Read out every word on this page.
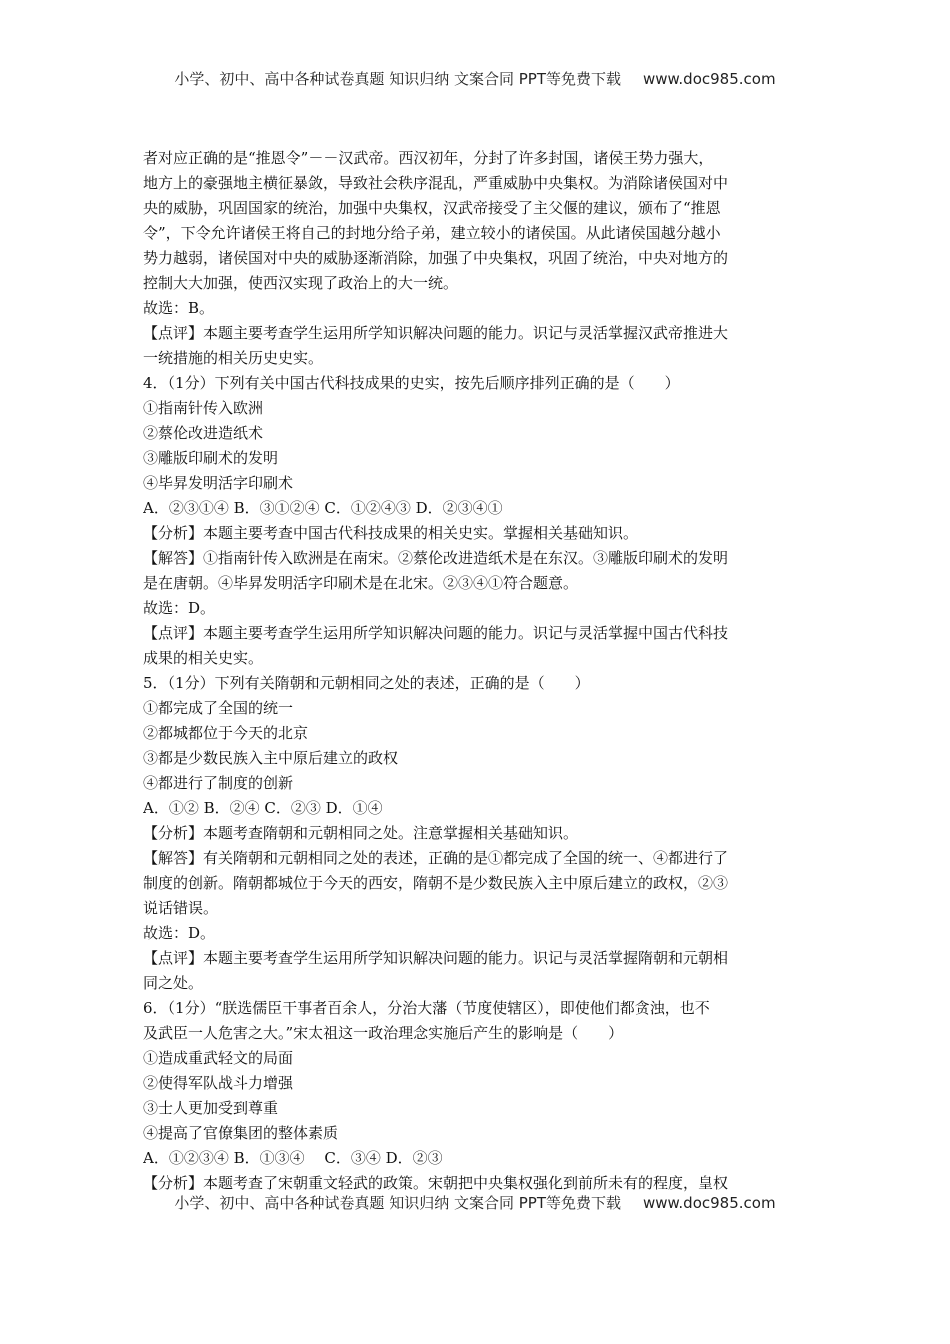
小学、初中、高中各种试卷真题 知识归纳 文案合同 PPT等免费下载 www.doc985.com
者对应正确的是“推恩令”－－汉武帝。西汉初年，分封了许多封国，诸侯王势力强大，
地方上的豪强地主横征暴敛，导致社会秩序混乱，严重威胁中央集权。为消除诸侯国对中
央的威胁，巩固国家的统治，加强中央集权，汉武帝接受了主父偃的建议，颁布了“推恩
令”，下令允许诸侯王将自己的封地分给子弟，建立较小的诸侯国。从此诸侯国越分越小
势力越弱，诸侯国对中央的威胁逐渐消除，加强了中央集权，巩固了统治，中央对地方的
控制大大加强，使西汉实现了政治上的大一统。
故选：B。
【点评】本题主要考查学生运用所学知识解决问题的能力。识记与灵活掌握汉武帝推进大
一统措施的相关历史史实。
4．（1分）下列有关中国古代科技成果的史实，按先后顺序排列正确的是（　　）
①指南针传入欧洲
②蔡伦改进造纸术
③雕版印刷术的发明
④毕昇发明活字印刷术
A．②③①④ B．③①②④ C．①②④③ D．②③④①
【分析】本题主要考查中国古代科技成果的相关史实。掌握相关基础知识。
【解答】①指南针传入欧洲是在南宋。②蔡伦改进造纸术是在东汉。③雕版印刷术的发明
是在唐朝。④毕昇发明活字印刷术是在北宋。②③④①符合题意。
故选：D。
【点评】本题主要考查学生运用所学知识解决问题的能力。识记与灵活掌握中国古代科技
成果的相关史实。
5．（1分）下列有关隋朝和元朝相同之处的表述，正确的是（　　）
①都完成了全国的统一
②都城都位于今天的北京
③都是少数民族入主中原后建立的政权
④都进行了制度的创新
A．①② B．②④ C．②③ D．①④
【分析】本题考查隋朝和元朝相同之处。注意掌握相关基础知识。
【解答】有关隋朝和元朝相同之处的表述，正确的是①都完成了全国的统一、④都进行了
制度的创新。隋朝都城位于今天的西安，隋朝不是少数民族入主中原后建立的政权，②③
说话错误。
故选：D。
【点评】本题主要考查学生运用所学知识解决问题的能力。识记与灵活掌握隋朝和元朝相
同之处。
6．（1分）“朕选儒臣干事者百余人，分治大藩（节度使辖区），即使他们都贪浊，也不
及武臣一人危害之大。”宋太祖这一政治理念实施后产生的影响是（　　）
①造成重武轻文的局面
②使得军队战斗力增强
③士人更加受到尊重
④提高了官僚集团的整体素质
A．①②③④ B．①③④　 C．③④ D．②③
【分析】本题考查了宋朝重文轻武的政策。宋朝把中央集权强化到前所未有的程度，皇权
小学、初中、高中各种试卷真题 知识归纳 文案合同 PPT等免费下载 www.doc985.com
